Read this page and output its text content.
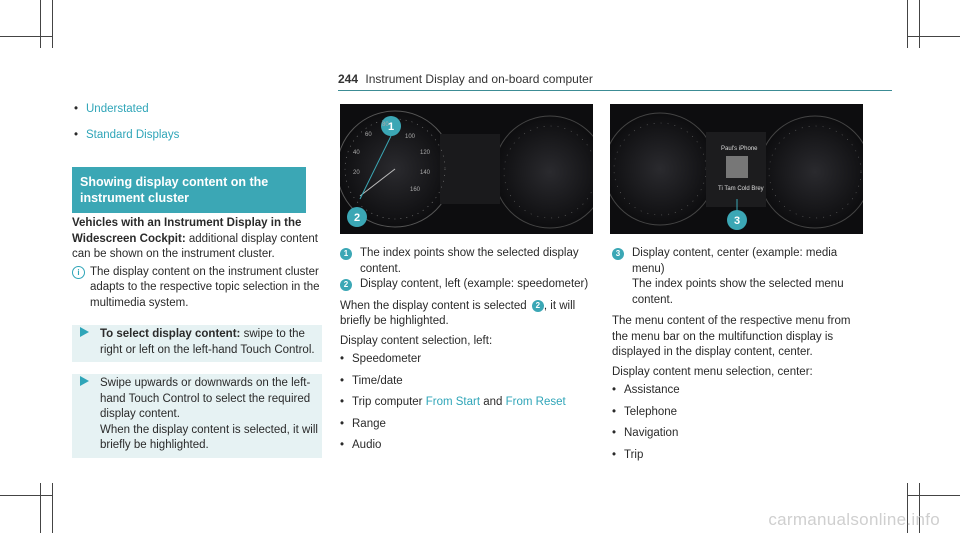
244 Instrument Display and on-board computer
• Understated
• Standard Displays
Showing display content on the instrument cluster
Vehicles with an Instrument Display in the Widescreen Cockpit: additional display content can be shown on the instrument cluster.
i The display content on the instrument cluster adapts to the respective topic selection in the multimedia system.
To select display content: swipe to the right or left on the left-hand Touch Control.
Swipe upwards or downwards on the left-hand Touch Control to select the required display content.
When the display content is selected, it will briefly be highlighted.
1
2
20
40
60
80
100
120
140
160
Paul's iPhone
Ti Tam Cold Brey
3
1	The index points show the selected display content.
2	Display content, left (example: speedometer)
When the display content is selected 2 , it will briefly be highlighted.
Display content selection, left:
• Speedometer
• Time/date
• Trip computer From Start and From Reset
• Range
• Audio
3	Display content, center (example: media menu)
The index points show the selected menu content.
The menu content of the respective menu from the menu bar on the multifunction display is displayed in the display content, center.
Display content menu selection, center:
• Assistance
• Telephone
• Navigation
• Trip
carmanualsonline.info
